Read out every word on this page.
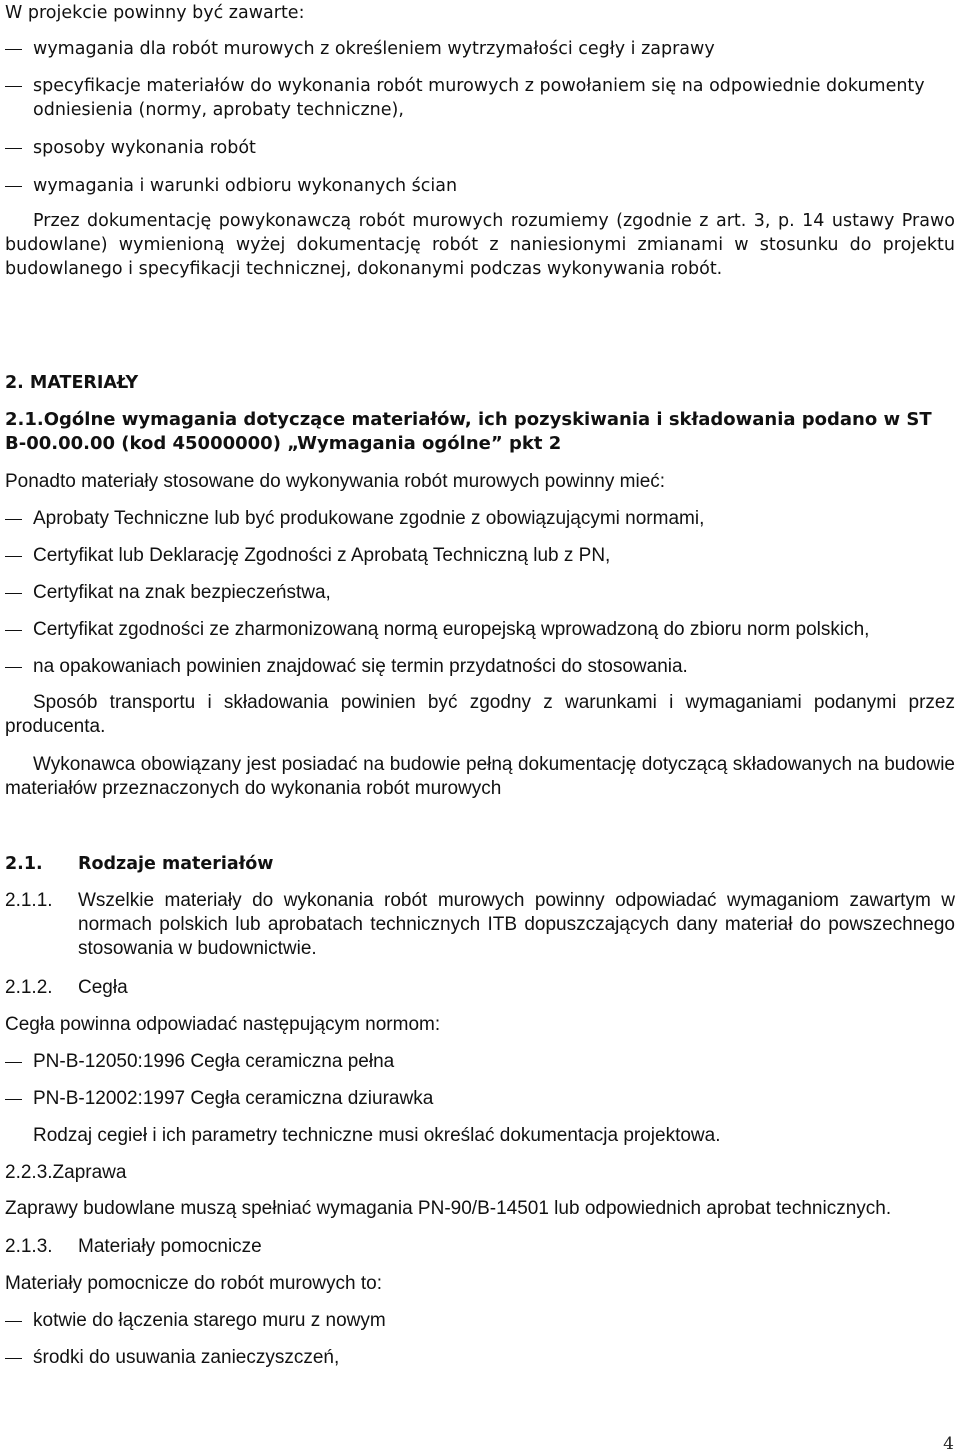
W projekcie powinny być zawarte:
wymagania dla robót murowych z określeniem wytrzymałości cegły i zaprawy
specyfikacje materiałów do wykonania robót murowych z powołaniem się na odpowiednie dokumenty odniesienia (normy, aprobaty techniczne),
sposoby wykonania robót
wymagania i warunki odbioru wykonanych ścian
Przez dokumentację powykonawczą robót murowych rozumiemy (zgodnie z art. 3, p. 14 ustawy Prawo budowlane) wymienioną wyżej dokumentację robót z naniesionymi zmianami w stosunku do projektu budowlanego i specyfikacji technicznej, dokonanymi podczas wykonywania robót.
2. MATERIAŁY
2.1.Ogólne wymagania dotyczące materiałów, ich pozyskiwania i składowania podano w ST B-00.00.00 (kod 45000000) „Wymagania ogólne” pkt 2
Ponadto materiały stosowane do wykonywania robót murowych powinny mieć:
Aprobaty Techniczne lub być produkowane zgodnie z obowiązującymi normami,
Certyfikat lub Deklarację Zgodności z Aprobatą Techniczną lub z PN,
Certyfikat na znak bezpieczeństwa,
Certyfikat zgodności ze zharmonizowaną normą europejską wprowadzoną do zbioru norm polskich,
na opakowaniach powinien znajdować się termin przydatności do stosowania.
Sposób transportu i składowania powinien być zgodny z warunkami i wymaganiami podanymi przez producenta.
Wykonawca obowiązany jest posiadać na budowie pełną dokumentację dotyczącą składowanych na budowie materiałów przeznaczonych do wykonania robót murowych
2.1. Rodzaje materiałów
2.1.1. Wszelkie materiały do wykonania robót murowych powinny odpowiadać wymaganiom zawartym w normach polskich lub aprobatach technicznych ITB dopuszczających dany materiał do powszechnego stosowania w budownictwie.
2.1.2. Cegła
Cegła powinna odpowiadać następującym normom:
PN-B-12050:1996 Cegła ceramiczna pełna
PN-B-12002:1997 Cegła ceramiczna dziurawka
Rodzaj cegieł i ich parametry techniczne musi określać dokumentacja projektowa.
2.2.3.Zaprawa
Zaprawy budowlane muszą spełniać wymagania PN-90/B-14501 lub odpowiednich aprobat technicznych.
2.1.3. Materiały pomocnicze
Materiały pomocnicze do robót murowych to:
kotwie do łączenia starego muru z nowym
środki do usuwania zanieczyszczeń,
4
